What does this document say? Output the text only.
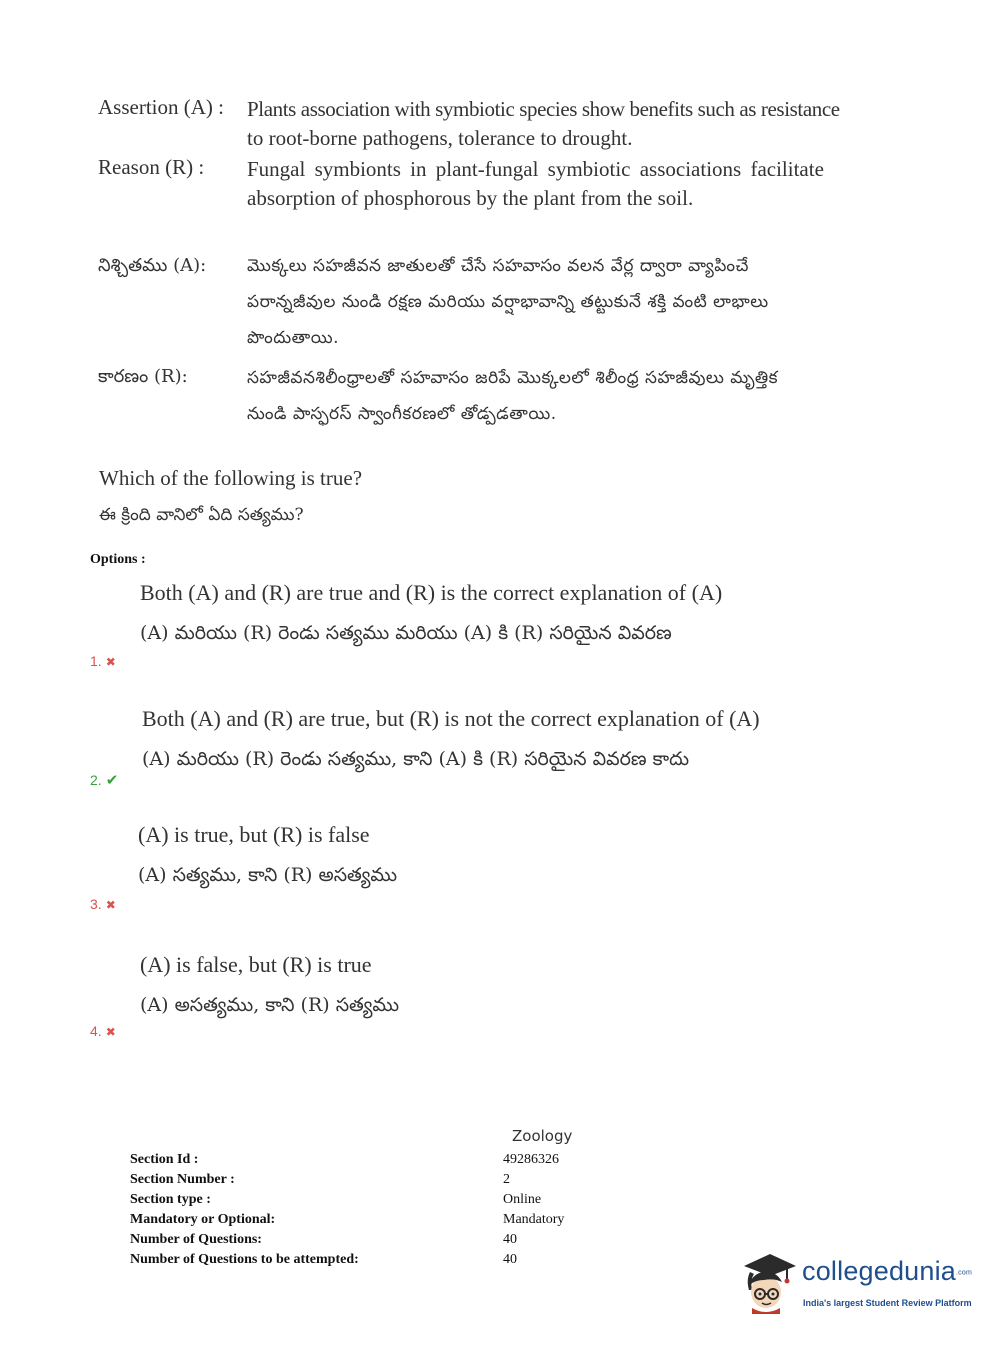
Assertion (A) : Plants association with symbiotic species show benefits such as resistance
to root-borne pathogens, tolerance to drought.
Reason (R) : Fungal symbionts in plant-fungal symbiotic associations facilitate
absorption of phosphorous by the plant from the soil.
నిశ్చితము (A): మొక్కలు సహజీవన జాతులతో చేసే సహవాసం వలన వేర్ల ద్వారా వ్యాపించే
పరాన్నజీవుల నుండి రక్షణ మరియు వర్షాభావాన్ని తట్టుకునే శక్తి వంటి లాభాలు
పొందుతాయి.
కారణం (R):	సహజీవనశిలీంధ్రాలతో సహవాసం జరిపే మొక్కలలో శిలీంధ్ర సహజీవులు మృత్తిక
నుండి పాస్ఫరస్ స్వాంగీకరణలో తోడ్పడతాయి.
Which of the following is true?
ఈ క్రింది వానిలో ఏది సత్యము?
Options :
Both (A) and (R) are true and (R) is the correct explanation of (A)
(A) మరియు (R) రెండు సత్యము మరియు (A) కి (R) సరియైన వివరణ
1. ✖
Both (A) and (R) are true, but (R) is not the correct explanation of (A)
(A) మరియు (R) రెండు సత్యము, కాని (A) కి (R) సరియైన వివరణ కాదు
2. ✔
(A) is true, but (R) is false
(A) సత్యము, కాని (R) అసత్యము
3. ✖
(A) is false, but (R) is true
(A) అసత్యము, కాని (R) సత్యము
4. ✖
Zoology
Section Id :	49286326
Section Number :	2
Section type :	Online
Mandatory or Optional:	Mandatory
Number of Questions:	40
Number of Questions to be attempted:	40	collegedunia.com
India's largest Student Review Platform
